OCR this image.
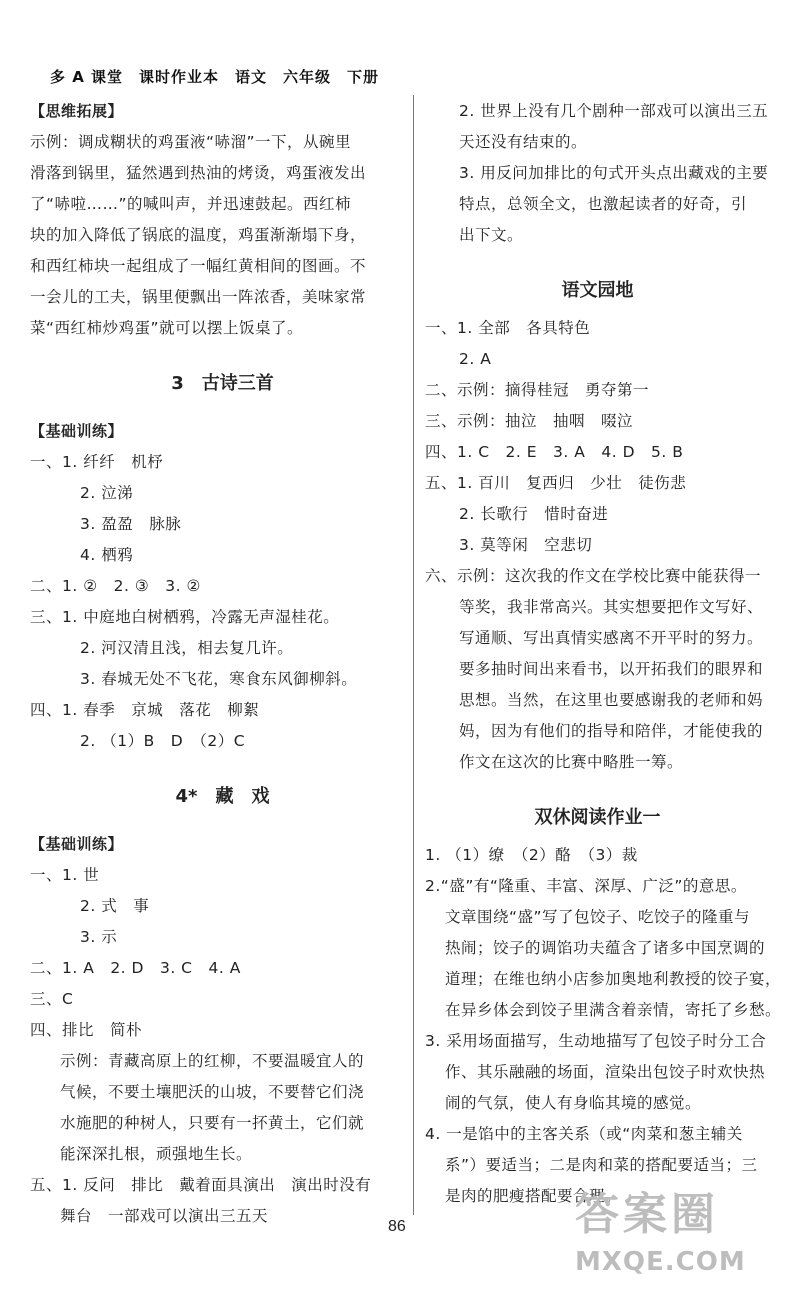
多 A 课堂　课时作业本　语文　六年级　下册
【思维拓展】
示例：调成糊状的鸡蛋液“哧溜”一下，从碗里
滑落到锅里，猛然遇到热油的烤烫，鸡蛋液发出
了“哧啦……”的喊叫声，并迅速鼓起。西红柿
块的加入降低了锅底的温度，鸡蛋渐渐塌下身，
和西红柿块一起组成了一幅红黄相间的图画。不
一会儿的工夫，锅里便飘出一阵浓香，美味家常
菜“西红柿炒鸡蛋”就可以摆上饭桌了。
3　古诗三首
【基础训练】
一、1. 纤纤　机杼
2. 泣涕
3. 盈盈　脉脉
4. 栖鸦
二、1. ②　2. ③　3. ②
三、1. 中庭地白树栖鸦，冷露无声湿桂花。
2. 河汉清且浅，相去复几许。
3. 春城无处不飞花，寒食东风御柳斜。
四、1. 春季　京城　落花　柳絮
2. （1）B　D　（2）C
4*　藏　戏
【基础训练】
一、1. 世
2. 式　事
3. 示
二、1. A　2. D　3. C　4. A
三、C
四、排比　简朴
示例：青藏高原上的红柳，不要温暖宜人的
气候，不要土壤肥沃的山坡，不要替它们浇
水施肥的种树人，只要有一抔黄土，它们就
能深深扎根，顽强地生长。
五、1. 反问　排比　戴着面具演出　演出时没有
舞台　一部戏可以演出三五天
2. 世界上没有几个剧种一部戏可以演出三五
天还没有结束的。
3. 用反问加排比的句式开头点出藏戏的主要
特点，总领全文，也激起读者的好奇，引
出下文。
语文园地
一、1. 全部　各具特色
2. A
二、示例：摘得桂冠　勇夺第一
三、示例：抽泣　抽咽　啜泣
四、1. C　2. E　3. A　4. D　5. B
五、1. 百川　复西归　少壮　徒伤悲
2. 长歌行　惜时奋进
3. 莫等闲　空悲切
六、示例：这次我的作文在学校比赛中能获得一
等奖，我非常高兴。其实想要把作文写好、
写通顺、写出真情实感离不开平时的努力。
要多抽时间出来看书，以开拓我们的眼界和
思想。当然，在这里也要感谢我的老师和妈
妈，因为有他们的指导和陪伴，才能使我的
作文在这次的比赛中略胜一筹。
双休阅读作业一
1. （1）缭　（2）酪　（3）裁
2.“盛”有“隆重、丰富、深厚、广泛”的意思。
文章围绕“盛”写了包饺子、吃饺子的隆重与
热闹；饺子的调馅功夫蕴含了诸多中国烹调的
道理；在维也纳小店参加奥地利教授的饺子宴，
在异乡体会到饺子里满含着亲情，寄托了乡愁。
3. 采用场面描写，生动地描写了包饺子时分工合
作、其乐融融的场面，渲染出包饺子时欢快热
闹的气氛，使人有身临其境的感觉。
4. 一是馅中的主客关系（或“肉菜和葱主辅关
系”）要适当；二是肉和菜的搭配要适当；三
是肉的肥瘦搭配要合理。
86	答案圈
MXQE.COM
